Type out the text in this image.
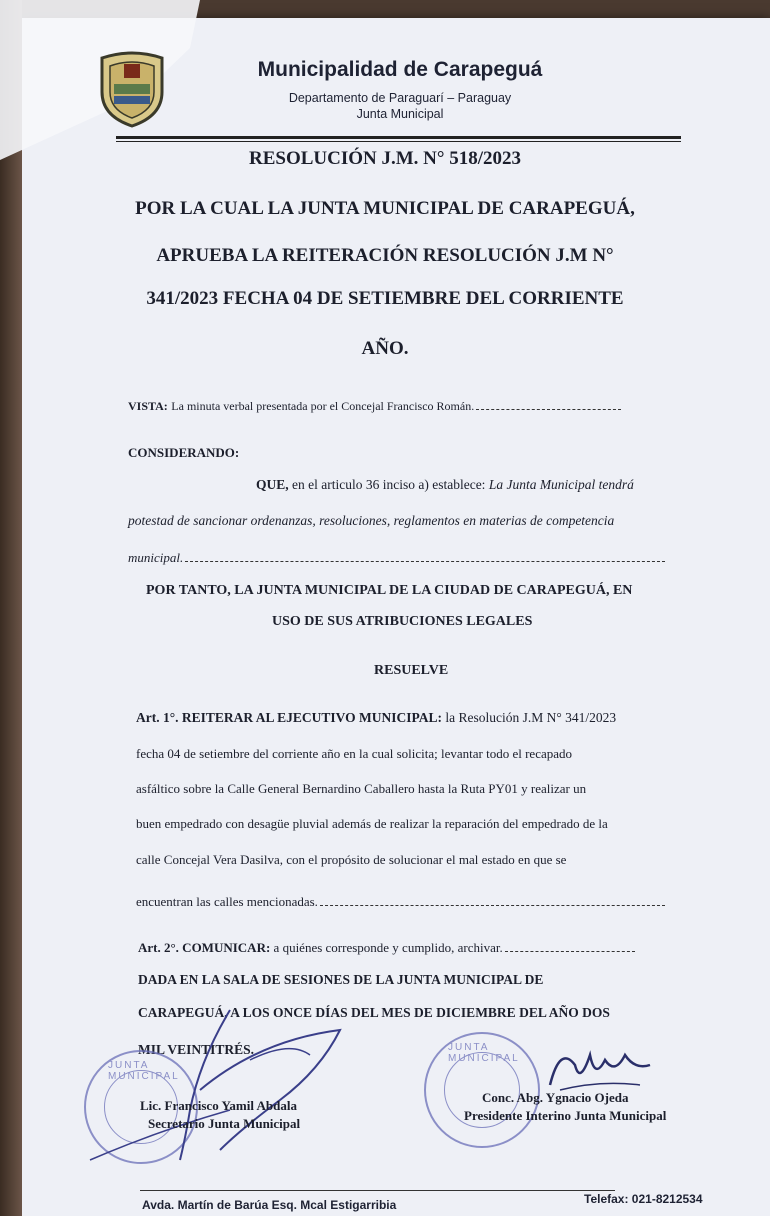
Municipalidad de Carapeguá
Departamento de Paraguarí – Paraguay
Junta Municipal
RESOLUCIÓN J.M. N° 518/2023
POR LA CUAL LA JUNTA MUNICIPAL DE CARAPEGUÁ,
APRUEBA LA REITERACIÓN RESOLUCIÓN J.M N°
341/2023 FECHA 04 DE SETIEMBRE DEL CORRIENTE
AÑO.
VISTA: La minuta verbal presentada por el Concejal Francisco Román.
CONSIDERANDO:
QUE, en el articulo 36 inciso a) establece: La Junta Municipal tendrá
potestad de sancionar ordenanzas, resoluciones, reglamentos en materias de competencia
municipal.
POR TANTO, LA JUNTA MUNICIPAL DE LA CIUDAD DE CARAPEGUÁ, EN
USO DE SUS ATRIBUCIONES LEGALES
RESUELVE
Art. 1°. REITERAR AL EJECUTIVO MUNICIPAL: la Resolución J.M N° 341/2023
fecha 04 de setiembre del corriente año en la cual solicita; levantar todo el recapado
asfáltico sobre la Calle General Bernardino Caballero hasta la Ruta PY01 y realizar un
buen empedrado con desagüe pluvial además de realizar la reparación del empedrado de la
calle Concejal Vera Dasilva, con el propósito de solucionar el mal estado en que se
encuentran las calles mencionadas.
Art. 2°. COMUNICAR: a quiénes corresponde y cumplido, archivar.
DADA EN LA SALA DE SESIONES DE LA JUNTA MUNICIPAL DE
CARAPEGUÁ, A LOS ONCE DÍAS DEL MES DE DICIEMBRE DEL AÑO DOS
MIL VEINTITRÉS.
JUNTA MUNICIPAL
JUNTA MUNICIPAL
Lic. Francisco Yamil Abdala
Secretario Junta Municipal
Conc. Abg. Ygnacio Ojeda
Presidente Interino Junta Municipal
Avda. Martín de Barúa Esq. Mcal Estigarribia	Telefax: 021-8212534
